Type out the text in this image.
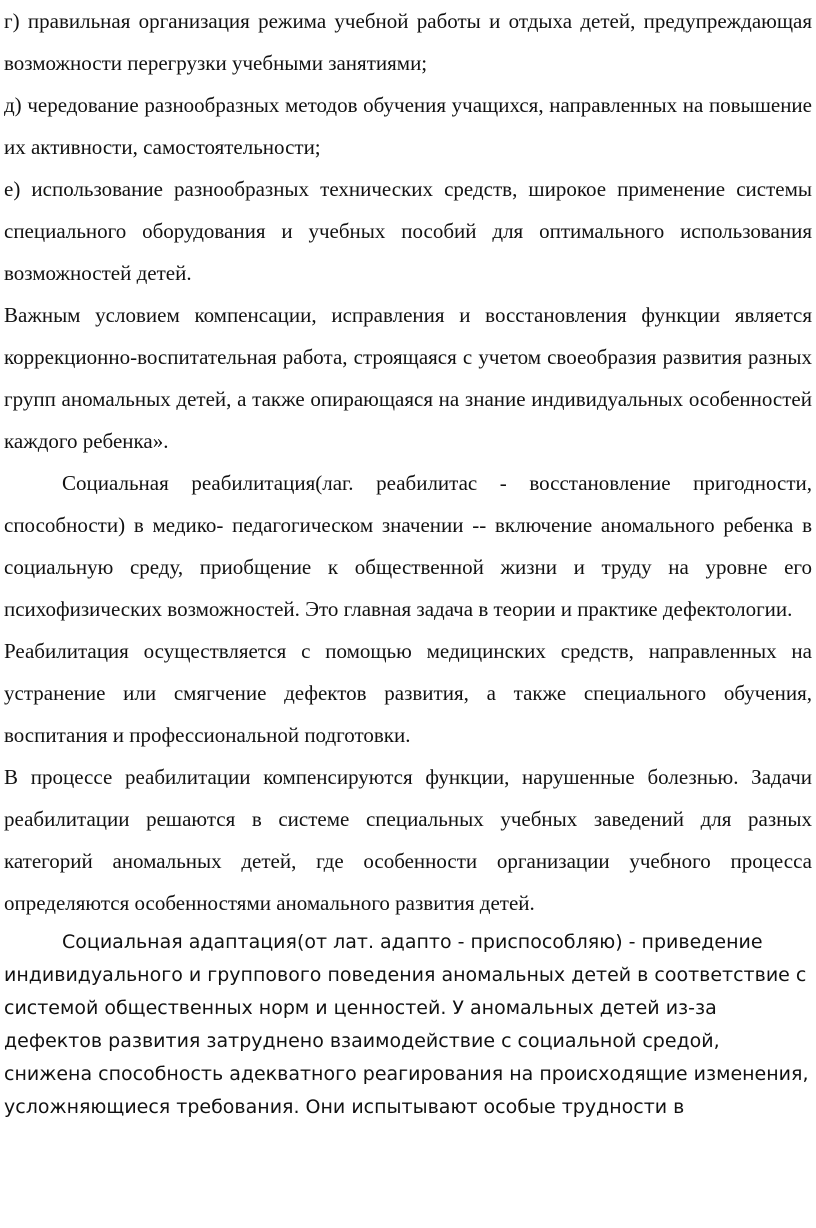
г) правильная организация режима учебной работы и отдыха детей, предупреждающая возможности перегрузки учебными занятиями;

д) чередование разнообразных методов обучения учащихся, направленных на повышение их активности, самостоятельности;

е) использование разнообразных технических средств, широкое применение системы специального оборудования и учебных пособий для оптимального использования возможностей детей.

Важным условием компенсации, исправления и восстановления функции является коррекционно-воспитательная работа, строящаяся с учетом своеобразия развития разных групп аномальных детей, а также опирающаяся на знание индивидуальных особенностей каждого ребенка».

Социальная реабилитация(лаг. реабилитас - восстановление пригодности, способности) в медико- педагогическом значении -- включение аномального ребенка в социальную среду, приобщение к общественной жизни и труду на уровне его психофизических возможностей. Это главная задача в теории и практике дефектологии.

Реабилитация осуществляется с помощью медицинских средств, направленных на устранение или смягчение дефектов развития, а также специального обучения, воспитания и профессиональной подготовки.

В процессе реабилитации компенсируются функции, нарушенные болезнью. Задачи реабилитации решаются в системе специальных учебных заведений для разных категорий аномальных детей, где особенности организации учебного процесса определяются особенностями аномального развития детей.

Социальная адаптация(от лат. адапто - приспособляю) - приведение индивидуального и группового поведения аномальных детей в соответствие с системой общественных норм и ценностей. У аномальных детей из-за дефектов развития затруднено взаимодействие с социальной средой, снижена способность адекватного реагирования на происходящие изменения, усложняющиеся требования. Они испытывают особые трудности в
